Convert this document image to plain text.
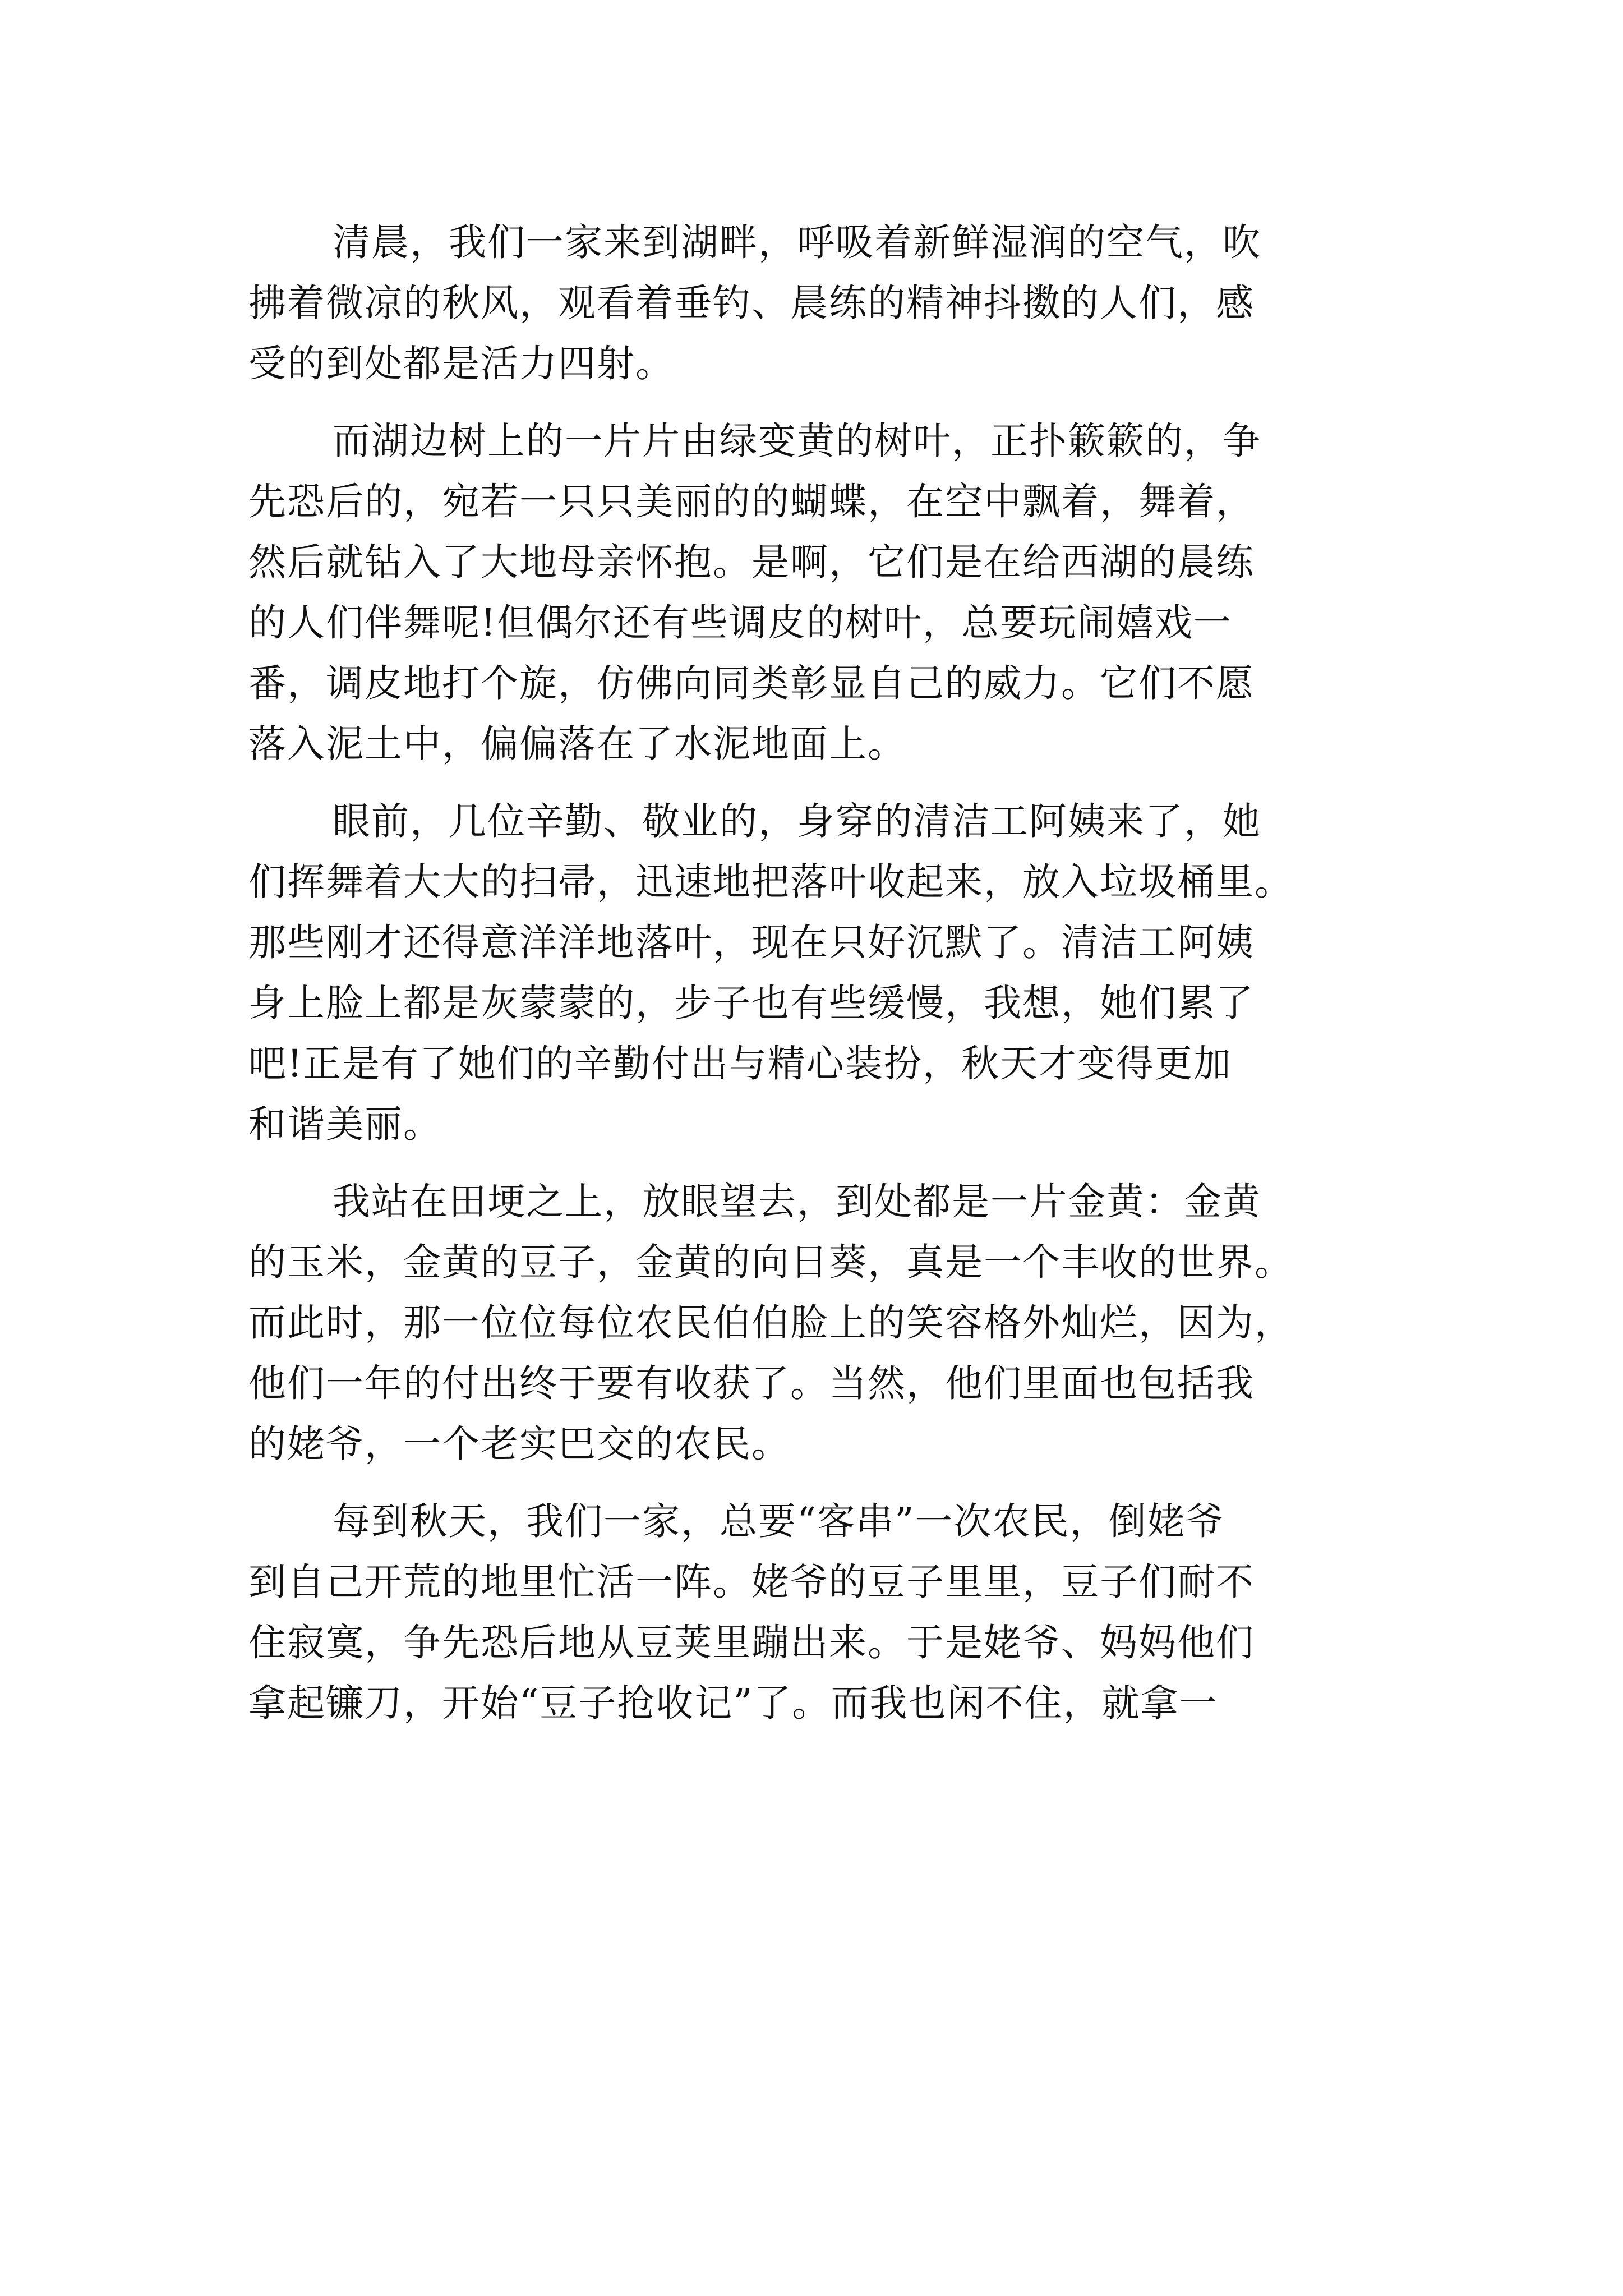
清晨，我们一家来到湖畔，呼吸着新鲜湿润的空气，吹
拂着微凉的秋风，观看着垂钓、晨练的精神抖擞的人们，感
受的到处都是活力四射。

而湖边树上的一片片由绿变黄的树叶，正扑簌簌的，争
先恐后的，宛若一只只美丽的的蝴蝶，在空中飘着，舞着，
然后就钻入了大地母亲怀抱。是啊，它们是在给西湖的晨练
的人们伴舞呢!但偶尔还有些调皮的树叶，总要玩闹嬉戏一
番，调皮地打个旋，仿佛向同类彰显自己的威力。它们不愿
落入泥土中，偏偏落在了水泥地面上。

眼前，几位辛勤、敬业的，身穿的清洁工阿姨来了，她
们挥舞着大大的扫帚，迅速地把落叶收起来，放入垃圾桶里。
那些刚才还得意洋洋地落叶，现在只好沉默了。清洁工阿姨
身上脸上都是灰蒙蒙的，步子也有些缓慢，我想，她们累了
吧!正是有了她们的辛勤付出与精心装扮，秋天才变得更加
和谐美丽。

我站在田埂之上，放眼望去，到处都是一片金黄：金黄
的玉米，金黄的豆子，金黄的向日葵，真是一个丰收的世界。
而此时，那一位位每位农民伯伯脸上的笑容格外灿烂，因为，
他们一年的付出终于要有收获了。当然，他们里面也包括我
的姥爷，一个老实巴交的农民。

每到秋天，我们一家，总要“客串”一次农民，倒姥爷
到自己开荒的地里忙活一阵。姥爷的豆子里里，豆子们耐不
住寂寞，争先恐后地从豆荚里蹦出来。于是姥爷、妈妈他们
拿起镰刀，开始“豆子抢收记”了。而我也闲不住，就拿一
